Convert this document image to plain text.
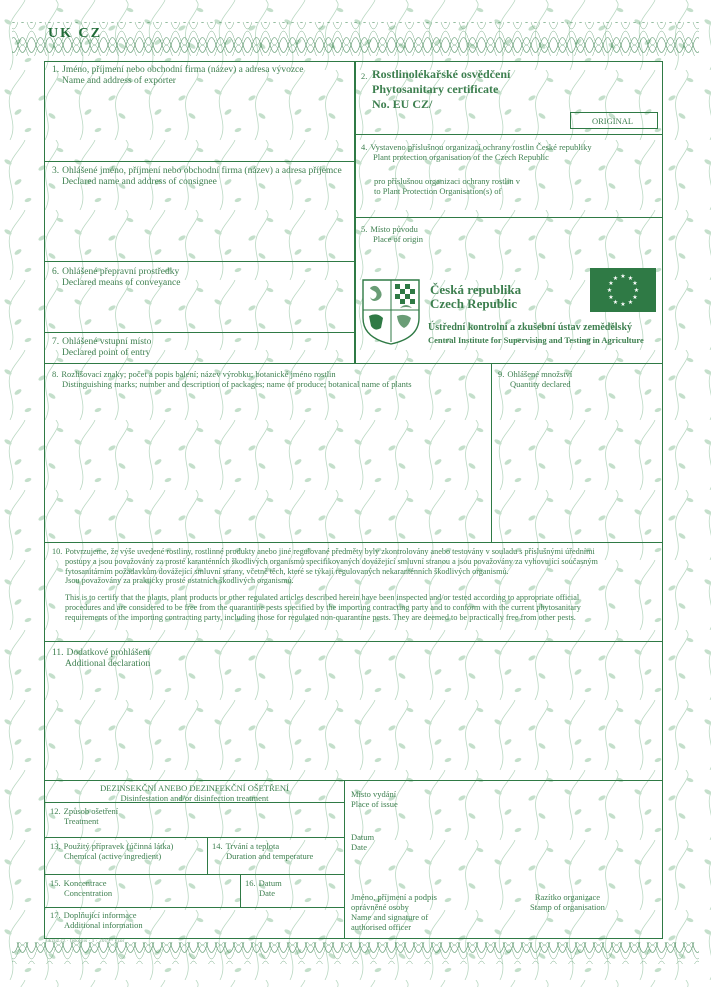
UK CZ
1. Jméno, příjmení nebo obchodní firma (název) a adresa vývozce
Name and address of exporter	2. Rostlinolékařské osvědčení
Phytosanitary certificate
No. EU CZ/
ORIGINAL
3. Ohlášené jméno, příjmení nebo obchodní firma (název) a adresa příjemce
Declared name and address of consignee
4. Vystaveno příslušnou organizací ochrany rostlin České republiky
Plant protection organisation of the Czech Republic
pro příslušnou organizaci ochrany rostlin v
to Plant Protection Organisation(s) of
5. Místo původu
Place of origin
Česká republika
Czech Republic
Ústřední kontrolní a zkušební ústav zemědělský
Central Institute for Supervising and Testing in Agriculture
★ ★
★
★
★
★
★
★
★
★
★
★
6. Ohlášené přepravní prostředky
Declared means of conveyance
7. Ohlášené vstupní místo
Declared point of entry
8. Rozlišovací znaky; počet a popis balení; název výrobku; botanické jméno rostlin
Distinguishing marks; number and description of packages; name of produce; botanical name of plants
9. Ohlášené množství
Quantity declared
10. Potvrzujeme, že výše uvedené rostliny, rostlinné produkty anebo jiné regulované předměty byly zkontrolovány anebo testovány v souladu s příslušnými úředními
postupy a jsou považovány za prosté karanténních škodlivých organismů specifikovaných dovážející smluvní stranou a jsou považovány za vyhovující současným
fytosanitárním požadavkům dovážející smluvní strany, včetně těch, které se týkají regulovaných nekaranténních škodlivých organismů.
Jsou považovány za prakticky prosté ostatních škodlivých organismů.

This is to certify that the plants, plant products or other regulated articles described herein have been inspected and/or tested according to appropriate official
procedures and are considered to be free from the quarantine pests specified by the importing contracting party and to conform with the current phytosanitary
requirements of the importing contracting party, including those for regulated non-quarantine pests. They are deemed to be practically free from other pests.
11. Dodatkové prohlášení
Additional declaration
DEZINSEKČNÍ ANEBO DEZINFEKČNÍ OŠETŘENÍ
Disinfestation and/or disinfection treatment
12. Způsob ošetření
Treatment
13. Použitý přípravek (účinná látka)
Chemical (active ingredient)
14. Trvání a teplota
Duration and temperature
15. Koncentrace
Concentration
16. Datum
Date
17. Doplňující informace
Additional information
Místo vydání
Place of issue
Datum
Date
Jméno, příjmení a podpis
oprávněné osoby
Name and signature of
authorised officer
Razítko organizace
Stamp of organisation
ukzuz.cz · tiskopis · 1 · 2019 · vzor
